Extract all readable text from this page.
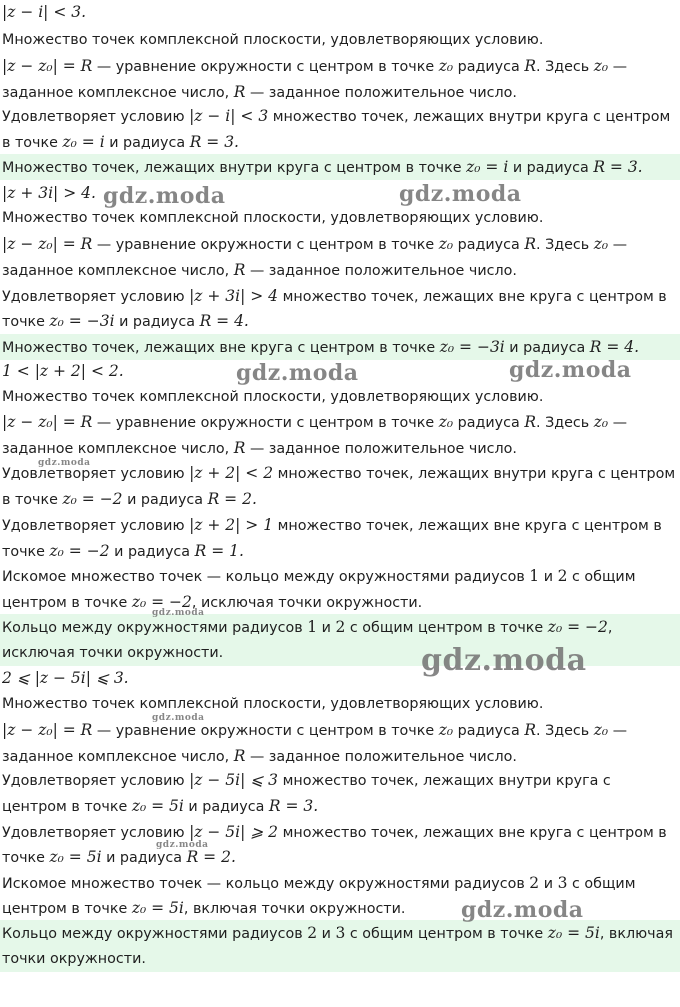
|z − i| < 3.
Множество точек комплексной плоскости, удовлетворяющих условию.
|z − z₀| = R — уравнение окружности с центром в точке z₀ радиуса R. Здесь z₀ —
заданное комплексное число, R — заданное положительное число.
Удовлетворяет условию |z − i| < 3 множество точек, лежащих внутри круга с центром
в точке z₀ = i и радиуса R = 3.
Множество точек, лежащих внутри круга с центром в точке z₀ = i и радиуса R = 3.
|z + 3i| > 4.
Множество точек комплексной плоскости, удовлетворяющих условию.
|z − z₀| = R — уравнение окружности с центром в точке z₀ радиуса R. Здесь z₀ —
заданное комплексное число, R — заданное положительное число.
Удовлетворяет условию |z + 3i| > 4 множество точек, лежащих вне круга с центром в
точке z₀ = −3i и радиуса R = 4.
Множество точек, лежащих вне круга с центром в точке z₀ = −3i и радиуса R = 4.
1 < |z + 2| < 2.
Множество точек комплексной плоскости, удовлетворяющих условию.
|z − z₀| = R — уравнение окружности с центром в точке z₀ радиуса R. Здесь z₀ —
заданное комплексное число, R — заданное положительное число.
Удовлетворяет условию |z + 2| < 2 множество точек, лежащих внутри круга с центром
в точке z₀ = −2 и радиуса R = 2.
Удовлетворяет условию |z + 2| > 1 множество точек, лежащих вне круга с центром в
точке z₀ = −2 и радиуса R = 1.
Искомое множество точек — кольцо между окружностями радиусов 1 и 2 с общим
центром в точке z₀ = −2, исключая точки окружности.
Кольцо между окружностями радиусов 1 и 2 с общим центром в точке z₀ = −2,
исключая точки окружности.
2 ⩽ |z − 5i| ⩽ 3.
Множество точек комплексной плоскости, удовлетворяющих условию.
|z − z₀| = R — уравнение окружности с центром в точке z₀ радиуса R. Здесь z₀ —
заданное комплексное число, R — заданное положительное число.
Удовлетворяет условию |z − 5i| ⩽ 3 множество точек, лежащих внутри круга с
центром в точке z₀ = 5i и радиуса R = 3.
Удовлетворяет условию |z − 5i| ⩾ 2 множество точек, лежащих вне круга с центром в
точке z₀ = 5i и радиуса R = 2.
Искомое множество точек — кольцо между окружностями радиусов 2 и 3 с общим
центром в точке z₀ = 5i, включая точки окружности.
Кольцо между окружностями радиусов 2 и 3 с общим центром в точке z₀ = 5i, включая
точки окружности.
gdz.moda	gdz.moda
gdz.moda	gdz.moda
gdz.moda
gdz.moda
gdz.moda
gdz.moda
gdz.moda
gdz.moda
